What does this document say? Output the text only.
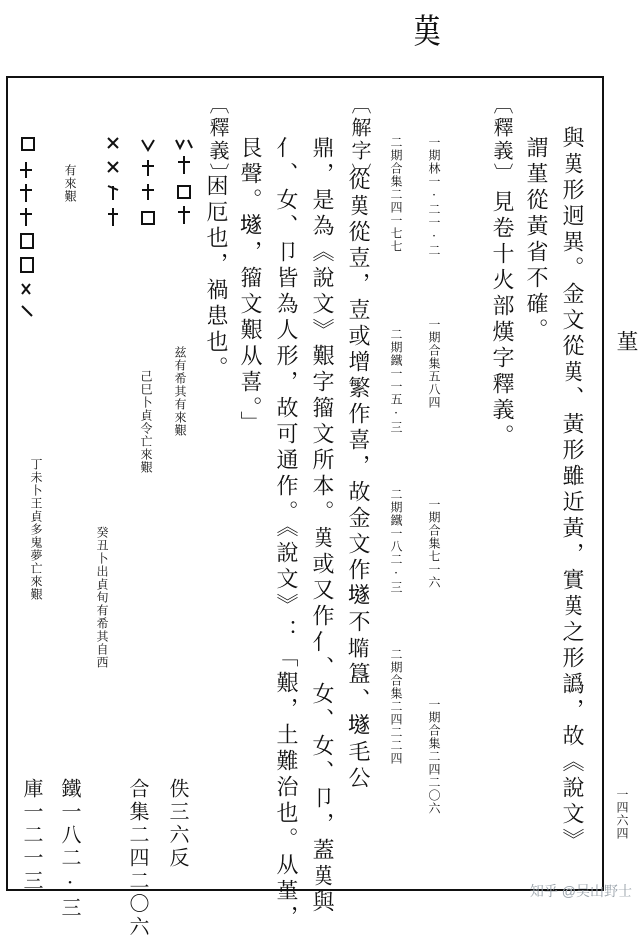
𦰩
與𦰩形迥異。金文從𦰩、黃形雖近黃，實𦰩之形譌，故《說文》
謂堇從黃省不確。
見卷十火部熯字釋義。
〔釋義〕
一期林一·二一·二
一期合集五八四
一期合集七一六
二期合集二四一七七
二期鐵一一五·三
二期鐵一八二·三
二期合集二四二二四 一期合集二四二〇六
〔解字〕
從𦰩從壴，壴或增繁作喜，故金文作𡑞不𡐦簋、𡑞毛公
鼎，是為《說文》艱字籀文所本。𦰩或又作亻、女、女、卩，蓋𦰩與
亻、女、卩皆為人形，故可通作。《說文》：「艱，土難治也。从堇，
艮聲。𡑞，籀文艱从喜。」
〔釋義〕
困厄也，禍患也。
兹有希其有來艱
佚三六反
己巳卜貞令亡來艱
癸丑卜出貞旬有希其自西
合集二四二〇六
有來艱
丁未卜王貞多鬼夢亡來艱
鐵一八二·三
庫一二一三
堇
一四六四
知乎 @吴山野士
